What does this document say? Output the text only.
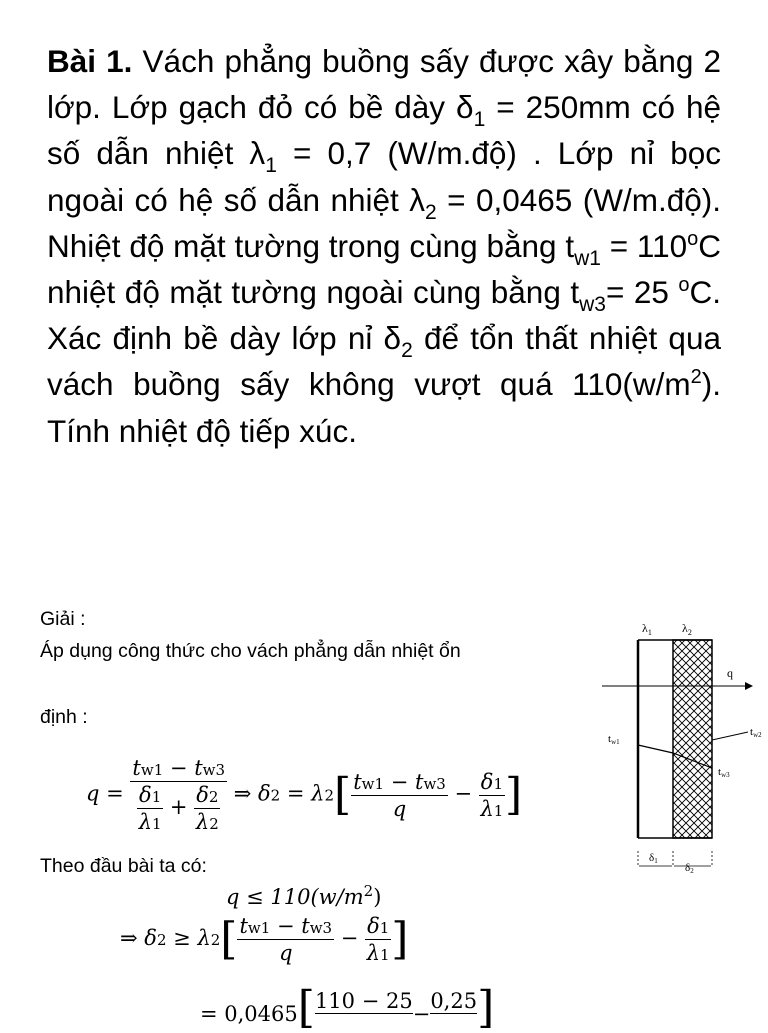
Bài 1. Vách phẳng buồng sấy được xây bằng 2 lớp. Lớp gạch đỏ có bề dày $\delta_1 = 250mm$ có hệ số dẫn nhiệt $\lambda_1 = 0,7$ (W/m.độ) . Lớp nỉ bọc ngoài có hệ số dẫn nhiệt $\lambda_2 = 0,0465$ (W/m.độ). Nhiệt độ mặt tường trong cùng bằng $t_{w1} = 110^oC$ nhiệt độ mặt tường ngoài cùng bằng $t_{w3}= 25$ $^o$C. Xác định bề dày lớp nỉ $\delta_2$ để tổn thất nhiệt qua vách buồng sấy không vượt quá $110(w/m^2)$. Tính nhiệt độ tiếp xúc.
Giải :
Áp dụng công thức cho vách phẳng dẫn nhiệt ổn
định :
$q = \frac{tw1 - tw3}{\frac{\delta 1}{\lambda 1} + \frac{\delta 2}{\lambda 2}}$ ⇒ $\delta 2 = \lambda 2[ \frac{tw1 - tw3}{q} - \frac{\delta 1}{\lambda 1}$ ]
Theo đầu bài ta có:
$q \le 110(w/m^2)$
⇒ $\delta 2 \ge \lambda 2[ \frac{tw1 - tw3}{q} - \frac{\delta 1}{\lambda 1}$ ]
= 0,0465[110 − 25−0,25]
$\lambda_1$	$\lambda_2$
q
tw1
tw2
tw3
δ1
δ2
